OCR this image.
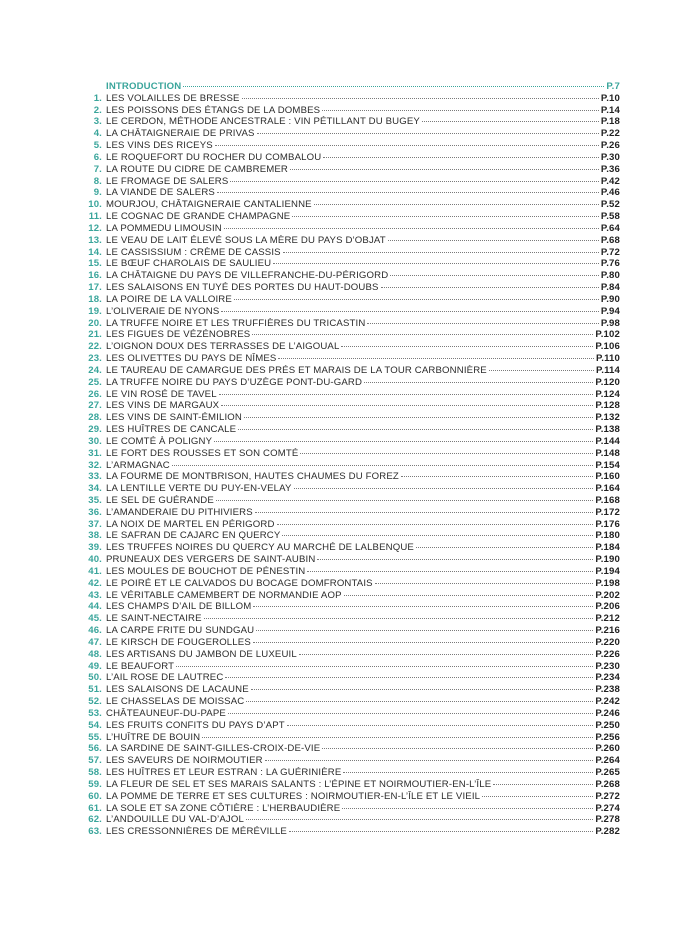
INTRODUCTION	P.7
1. LES VOLAILLES DE BRESSE	P.10
2. LES POISSONS DES ÉTANGS DE LA DOMBES	P.14
3. LE CERDON, MÉTHODE ANCESTRALE : VIN PÉTILLANT DU BUGEY	P.18
4. LA CHÂTAIGNERAIE DE PRIVAS	P.22
5. LES VINS DES RICEYS	P.26
6. LE ROQUEFORT DU ROCHER DU COMBALOU	P.30
7. LA ROUTE DU CIDRE DE CAMBREMER	P.36
8. LE FROMAGE DE SALERS	P.42
9. LA VIANDE DE SALERS	P.46
10. MOURJOU, CHÂTAIGNERAIE CANTALIENNE	P.52
11. LE COGNAC DE GRANDE CHAMPAGNE	P.58
12. LA POMMEDU LIMOUSIN	P.64
13. LE VEAU DE LAIT ÉLEVÉ SOUS LA MÈRE DU PAYS D’OBJAT	P.68
14. LE CASSISSIUM : CRÈME DE CASSIS	P.72
15. LE BŒUF CHAROLAIS DE SAULIEU	P.76
16. LA CHÂTAIGNE DU PAYS DE VILLEFRANCHE-DU-PÉRIGORD	P.80
17. LES SALAISONS EN TUYÉ DES PORTES DU HAUT-DOUBS	P.84
18. LA POIRE DE LA VALLOIRE	P.90
19. L’OLIVERAIE DE NYONS	P.94
20. LA TRUFFE NOIRE ET LES TRUFFIÈRES DU TRICASTIN	P.98
21. LES FIGUES DE VÉZÉNOBRES	P.102
22. L’OIGNON DOUX DES TERRASSES DE L’AIGOUAL	P.106
23. LES OLIVETTES DU PAYS DE NÎMES	P.110
24. LE TAUREAU DE CAMARGUE DES PRÉS ET MARAIS DE LA TOUR CARBONNIÈRE	P.114
25. LA TRUFFE NOIRE DU PAYS D’UZÈGE PONT-DU-GARD	P.120
26. LE VIN ROSÉ DE TAVEL	P.124
27. LES VINS DE MARGAUX	P.128
28. LES VINS DE SAINT-ÉMILION	P.132
29. LES HUÎTRES DE CANCALE	P.138
30. LE COMTÉ À POLIGNY	P.144
31. LE FORT DES ROUSSES ET SON COMTÉ	P.148
32. L’ARMAGNAC	P.154
33. LA FOURME DE MONTBRISON, HAUTES CHAUMES DU FOREZ	P.160
34. LA LENTILLE VERTE DU PUY-EN-VELAY	P.164
35. LE SEL DE GUÉRANDE	P.168
36. L’AMANDERAIE DU PITHIVIERS	P.172
37. LA NOIX DE MARTEL EN PÉRIGORD	P.176
38. LE SAFRAN DE CAJARC EN QUERCY	P.180
39. LES TRUFFES NOIRES DU QUERCY AU MARCHÉ DE LALBENQUE	P.184
40. PRUNEAUX DES VERGERS DE SAINT-AUBIN	P.190
41. LES MOULES DE BOUCHOT DE PÉNESTIN	P.194
42. LE POIRÉ ET LE CALVADOS DU BOCAGE DOMFRONTAIS	P.198
43. LE VÉRITABLE CAMEMBERT DE NORMANDIE AOP	P.202
44. LES CHAMPS D’AIL DE BILLOM	P.206
45. LE SAINT-NECTAIRE	P.212
46. LA CARPE FRITE DU SUNDGAU	P.216
47. LE KIRSCH DE FOUGEROLLES	P.220
48. LES ARTISANS DU JAMBON DE LUXEUIL	P.226
49. LE BEAUFORT	P.230
50. L’AIL ROSE DE LAUTREC	P.234
51. LES SALAISONS DE LACAUNE	P.238
52. LE CHASSELAS DE MOISSAC	P.242
53. CHÂTEAUNEUF-DU-PAPE	P.246
54. LES FRUITS CONFITS DU PAYS D’APT	P.250
55. L’HUÎTRE DE BOUIN	P.256
56. LA SARDINE DE SAINT-GILLES-CROIX-DE-VIE	P.260
57. LES SAVEURS DE NOIRMOUTIER	P.264
58. LES HUÎTRES ET LEUR ESTRAN : LA GUÉRINIÈRE	P.265
59. LA FLEUR DE SEL ET SES MARAIS SALANTS : L’ÉPINE ET NOIRMOUTIER-EN-L’ÎLE	P.268
60. LA POMME DE TERRE ET SES CULTURES : NOIRMOUTIER-EN-L’ÎLE ET LE VIEIL	P.272
61. LA SOLE ET SA ZONE CÔTIÈRE : L’HERBAUDIÈRE	P.274
62. L’ANDOUILLE DU VAL-D’AJOL	P.278
63. LES CRESSONNIÈRES DE MÉRÉVILLE	P.282
